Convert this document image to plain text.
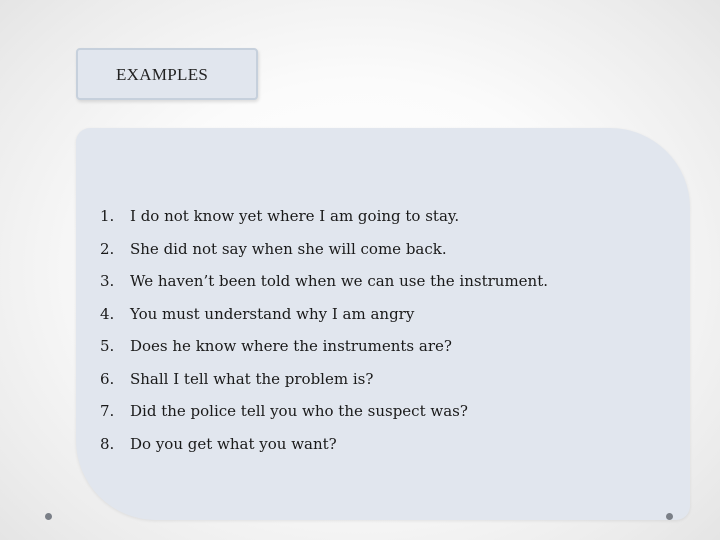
EXAMPLES
1.	I do not know yet where I am going to stay.
2.	She did not say when she will come back.
3.	We haven’t been told when we can use the instrument.
4.	You must understand why I am angry
5.	Does he know where the instruments are?
6.	Shall I tell what the problem is?
7.	Did the police tell you who the suspect was?
8.	Do you get what you want?
